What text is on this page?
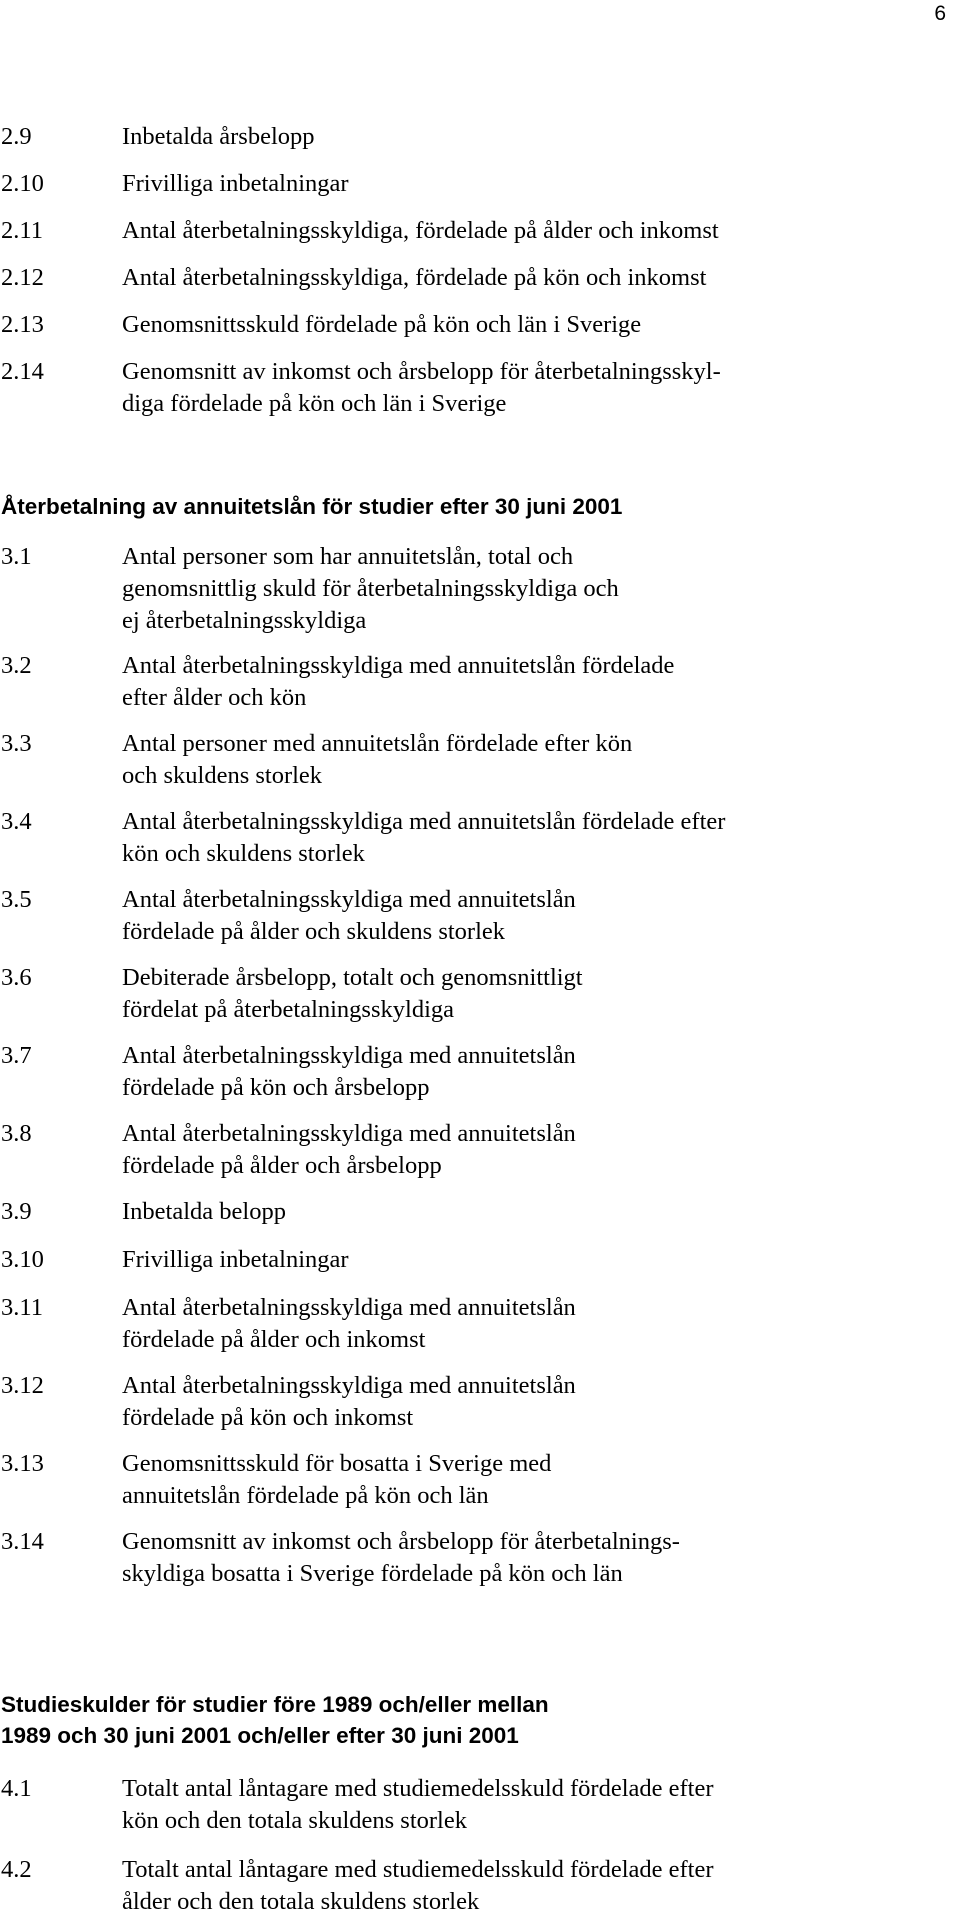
6
2.9	Inbetalda årsbelopp
2.10	Frivilliga inbetalningar
2.11	Antal återbetalningsskyldiga, fördelade på ålder och inkomst
2.12	Antal återbetalningsskyldiga, fördelade på kön och inkomst
2.13	Genomsnittsskuld fördelade på kön och län i Sverige
2.14	Genomsnitt av inkomst och årsbelopp för återbetalningsskyl-
diga fördelade på kön och län i Sverige
Återbetalning av annuitetslån för studier efter 30 juni 2001
3.1	Antal personer som har annuitetslån, total och
genomsnittlig skuld för återbetalningsskyldiga och
ej återbetalningsskyldiga
3.2	Antal återbetalningsskyldiga med annuitetslån fördelade
efter ålder och kön
3.3	Antal personer med annuitetslån fördelade efter kön
och skuldens storlek
3.4	Antal återbetalningsskyldiga med annuitetslån fördelade efter
kön och skuldens storlek
3.5	Antal återbetalningsskyldiga med annuitetslån
fördelade på ålder och skuldens storlek
3.6	Debiterade årsbelopp, totalt och genomsnittligt
fördelat på återbetalningsskyldiga
3.7	Antal återbetalningsskyldiga med annuitetslån
fördelade på kön och årsbelopp
3.8	Antal återbetalningsskyldiga med annuitetslån
fördelade på ålder och årsbelopp
3.9	Inbetalda belopp
3.10	Frivilliga inbetalningar
3.11	Antal återbetalningsskyldiga med annuitetslån
fördelade på ålder och inkomst
3.12	Antal återbetalningsskyldiga med annuitetslån
fördelade på kön och inkomst
3.13	Genomsnittsskuld för bosatta i Sverige med
annuitetslån fördelade på kön och län
3.14	Genomsnitt av inkomst och årsbelopp för återbetalnings-
skyldiga bosatta i Sverige fördelade på kön och län
Studieskulder för studier före 1989 och/eller mellan
1989 och 30 juni 2001 och/eller efter 30 juni 2001
4.1	Totalt antal låntagare med studiemedelsskuld fördelade efter
kön och den totala skuldens storlek
4.2	Totalt antal låntagare med studiemedelsskuld fördelade efter
ålder och den totala skuldens storlek
